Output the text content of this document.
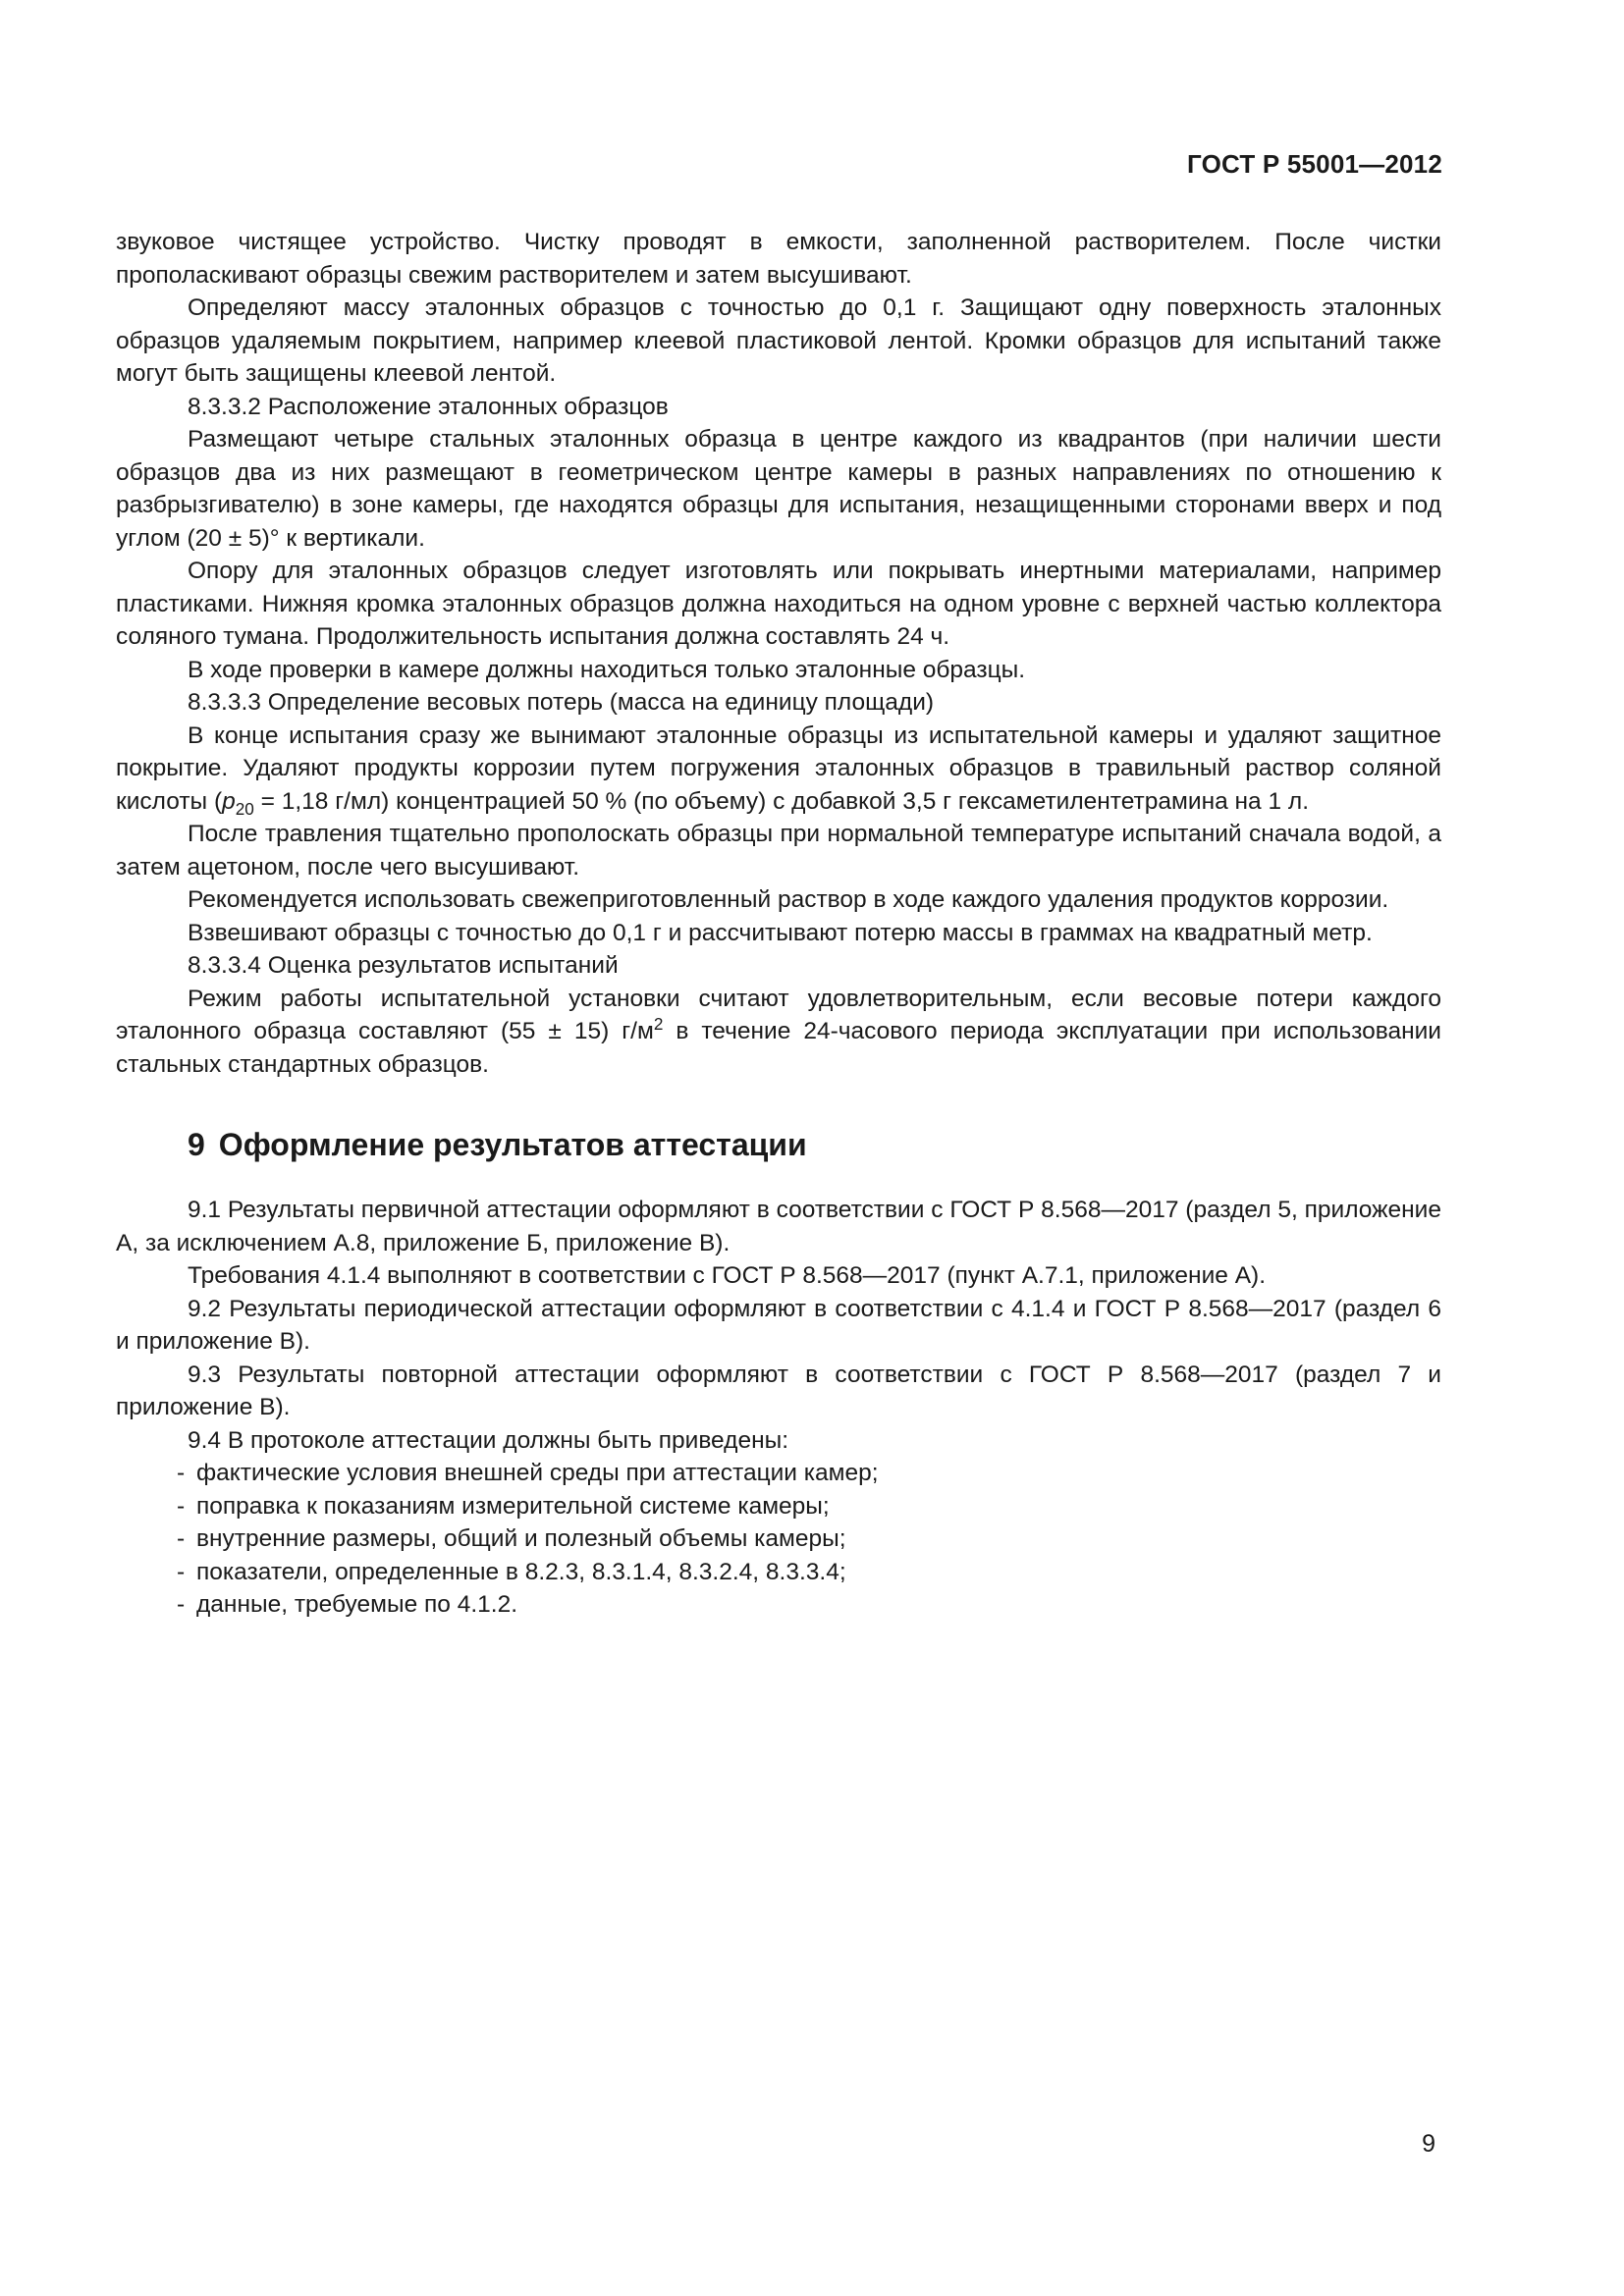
ГОСТ Р 55001—2012

звуковое чистящее устройство. Чистку проводят в емкости, заполненной растворителем. После чистки прополаскивают образцы свежим растворителем и затем высушивают.

Определяют массу эталонных образцов с точностью до 0,1 г. Защищают одну поверхность эталонных образцов удаляемым покрытием, например клеевой пластиковой лентой. Кромки образцов для испытаний также могут быть защищены клеевой лентой.

8.3.3.2 Расположение эталонных образцов

Размещают четыре стальных эталонных образца в центре каждого из квадрантов (при наличии шести образцов два из них размещают в геометрическом центре камеры в разных направлениях по отношению к разбрызгивателю) в зоне камеры, где находятся образцы для испытания, незащищенными сторонами вверх и под углом (20 ± 5)° к вертикали.

Опору для эталонных образцов следует изготовлять или покрывать инертными материалами, например пластиками. Нижняя кромка эталонных образцов должна находиться на одном уровне с верхней частью коллектора соляного тумана. Продолжительность испытания должна составлять 24 ч.

В ходе проверки в камере должны находиться только эталонные образцы.

8.3.3.3 Определение весовых потерь (масса на единицу площади)

В конце испытания сразу же вынимают эталонные образцы из испытательной камеры и удаляют защитное покрытие. Удаляют продукты коррозии путем погружения эталонных образцов в травильный раствор соляной кислоты ($p_{20} = 1,18$ г/мл) концентрацией 50 % (по объему) с добавкой 3,5 г гексаметилентетрамина на 1 л.

После травления тщательно прополоскать образцы при нормальной температуре испытаний сначала водой, а затем ацетоном, после чего высушивают.

Рекомендуется использовать свежеприготовленный раствор в ходе каждого удаления продуктов коррозии.

Взвешивают образцы с точностью до 0,1 г и рассчитывают потерю массы в граммах на квадратный метр.

8.3.3.4 Оценка результатов испытаний

Режим работы испытательной установки считают удовлетворительным, если весовые потери каждого эталонного образца составляют (55 ± 15) $г/м^2$ в течение 24-часового периода эксплуатации при использовании стальных стандартных образцов.

9 Оформление результатов аттестации

9.1 Результаты первичной аттестации оформляют в соответствии с ГОСТ Р 8.568—2017 (раздел 5, приложение А, за исключением А.8, приложение Б, приложение В).

Требования 4.1.4 выполняют в соответствии с ГОСТ Р 8.568—2017 (пункт А.7.1, приложение А).

9.2 Результаты периодической аттестации оформляют в соответствии с 4.1.4 и ГОСТ Р 8.568—2017 (раздел 6 и приложение В).

9.3 Результаты повторной аттестации оформляют в соответствии с ГОСТ Р 8.568—2017 (раздел 7 и приложение В).

9.4 В протоколе аттестации должны быть приведены:

- фактические условия внешней среды при аттестации камер;

- поправка к показаниям измерительной системе камеры;

- внутренние размеры, общий и полезный объемы камеры;

- показатели, определенные в 8.2.3, 8.3.1.4, 8.3.2.4, 8.3.3.4;

- данные, требуемые по 4.1.2.

9
